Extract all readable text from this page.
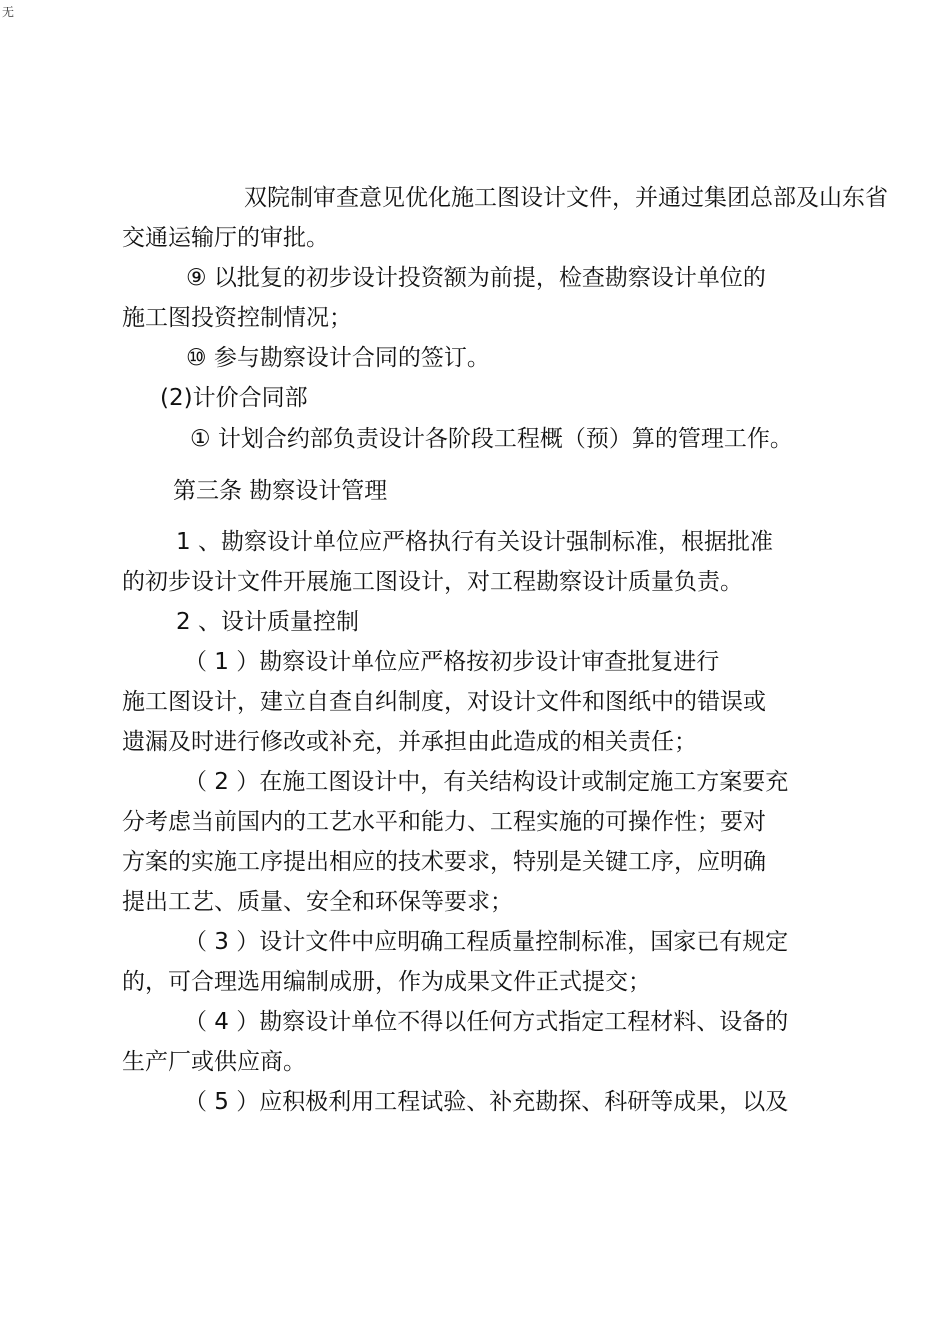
无
双院制审查意见优化施工图设计文件，并通过集团总部及山东省
交通运输厅的审批。
⑨ 以批复的初步设计投资额为前提，检查勘察设计单位的
施工图投资控制情况；
⑩ 参与勘察设计合同的签订。
(2)计价合同部
① 计划合约部负责设计各阶段工程概（预）算的管理工作。
第三条 勘察设计管理
1 、勘察设计单位应严格执行有关设计强制标准，根据批准
的初步设计文件开展施工图设计，对工程勘察设计质量负责。
2 、设计质量控制
（ 1 ）勘察设计单位应严格按初步设计审查批复进行
施工图设计，建立自查自纠制度，对设计文件和图纸中的错误或
遗漏及时进行修改或补充，并承担由此造成的相关责任；
（ 2 ）在施工图设计中，有关结构设计或制定施工方案要充
分考虑当前国内的工艺水平和能力、工程实施的可操作性；要对
方案的实施工序提出相应的技术要求，特别是关键工序，应明确
提出工艺、质量、安全和环保等要求；
（ 3 ）设计文件中应明确工程质量控制标准，国家已有规定
的，可合理选用编制成册，作为成果文件正式提交；
（ 4 ）勘察设计单位不得以任何方式指定工程材料、设备的
生产厂或供应商。
（ 5 ）应积极利用工程试验、补充勘探、科研等成果，以及
